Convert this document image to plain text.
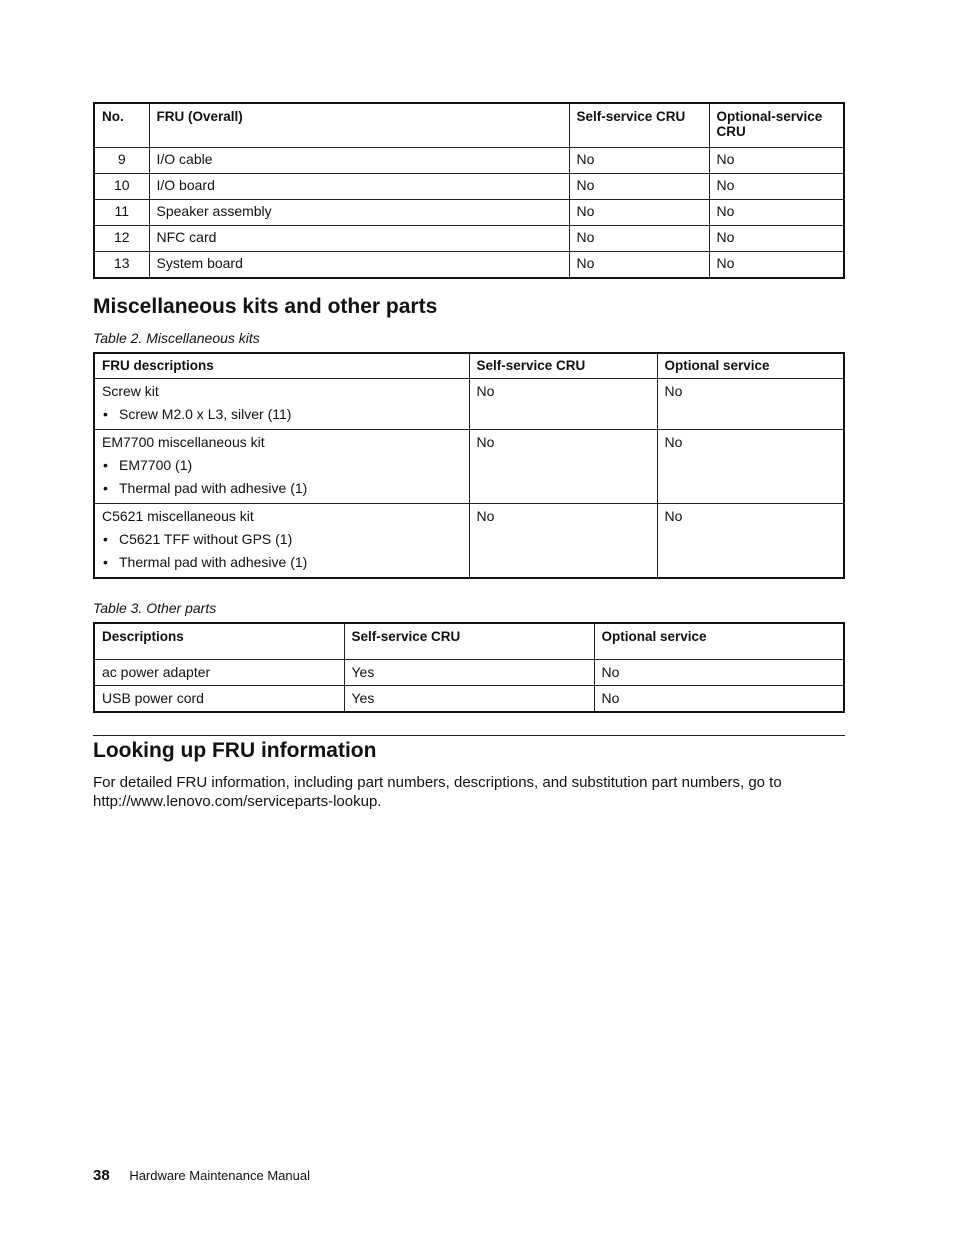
No.	FRU (Overall)	Self-service CRU	Optional-service CRU
9	I/O cable	No	No
10	I/O board	No	No
11	Speaker assembly	No	No
12	NFC card	No	No
13	System board	No	No
Miscellaneous kits and other parts

Table 2. Miscellaneous kits

FRU descriptions	Self-service CRU	Optional service

Screw kit
• Screw M2.0 x L3, silver (11)	No	No

EM7700 miscellaneous kit
• EM7700 (1)
• Thermal pad with adhesive (1)	No	No

C5621 miscellaneous kit
• C5621 TFF without GPS (1)
• Thermal pad with adhesive (1)	No	No

Table 3. Other parts

Descriptions	Self-service CRU	Optional service
ac power adapter	Yes	No
USB power cord	Yes	No
Looking up FRU information

For detailed FRU information, including part numbers, descriptions, and substitution part numbers, go to http://www.lenovo.com/serviceparts-lookup.

38 Hardware Maintenance Manual
